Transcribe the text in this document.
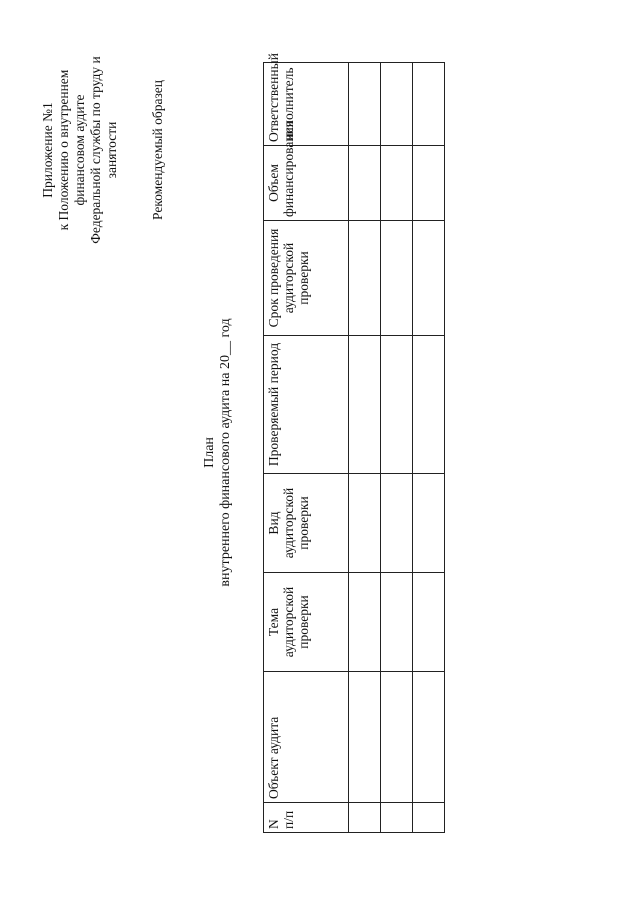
Приложение №1 к Положению о внутреннем финансовом аудите Федеральной службы по труду и занятости Рекомендуемый образец
План внутреннего финансового аудита на 20__ год
N п/п	Объект аудита	Тема аудиторской проверки	Вид аудиторской проверки	Проверяемый период	Срок проведения аудиторской проверки	Объем финансирования	Ответственный исполнитель
